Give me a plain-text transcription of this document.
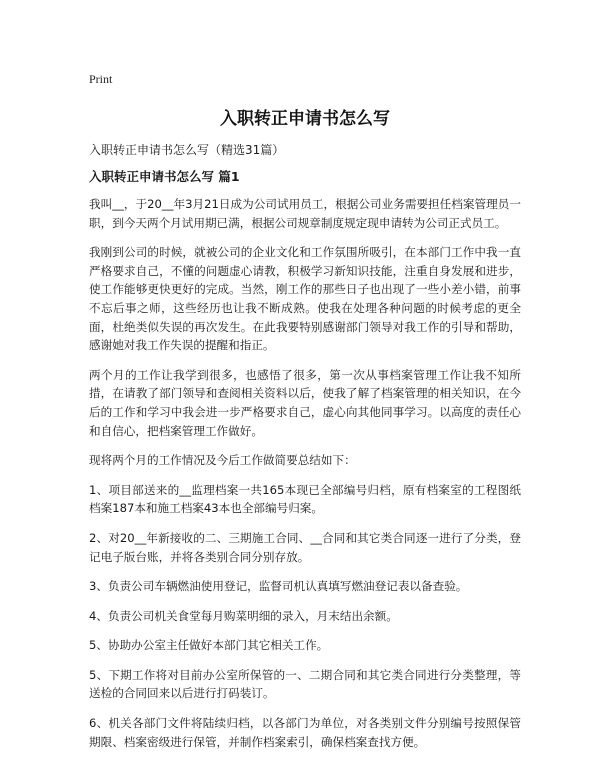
Print
入职转正申请书怎么写
入职转正申请书怎么写（精选31篇）
入职转正申请书怎么写 篇1

我叫__，于20__年3月21日成为公司试用员工，根据公司业务需要担任档案管理员一职，到今天两个月试用期已满，根据公司规章制度规定现申请转为公司正式员工。

我刚到公司的时候，就被公司的企业文化和工作氛围所吸引，在本部门工作中我一直严格要求自己，不懂的问题虚心请教，积极学习新知识技能，注重自身发展和进步，使工作能够更快更好的完成。当然，刚工作的那些日子也出现了一些小差小错，前事不忘后事之师，这些经历也让我不断成熟。使我在处理各种问题的时候考虑的更全面，杜绝类似失误的再次发生。在此我要特别感谢部门领导对我工作的引导和帮助，感谢她对我工作失误的提醒和指正。

两个月的工作让我学到很多，也感悟了很多，第一次从事档案管理工作让我不知所措，在请教了部门领导和查阅相关资料以后，使我了解了档案管理的相关知识，在今后的工作和学习中我会进一步严格要求自己，虚心向其他同事学习。以高度的责任心和自信心，把档案管理工作做好。

现将两个月的工作情况及今后工作做简要总结如下：

1、项目部送来的__监理档案一共165本现已全部编号归档，原有档案室的工程图纸档案187本和施工档案43本也全部编号归案。

2、对20__年新接收的二、三期施工合同、__合同和其它类合同逐一进行了分类，登记电子版台账，并将各类别合同分别存放。

3、负责公司车辆燃油使用登记，监督司机认真填写燃油登记表以备查验。

4、负责公司机关食堂每月购菜明细的录入，月末结出余额。

5、协助办公室主任做好本部门其它相关工作。

5、下期工作将对目前办公室所保管的一、二期合同和其它类合同进行分类整理，等送检的合同回来以后进行打码装订。

6、机关各部门文件将陆续归档，以各部门为单位，对各类别文件分别编号按照保管期限、档案密级进行保管，并制作档案索引，确保档案查找方便。
